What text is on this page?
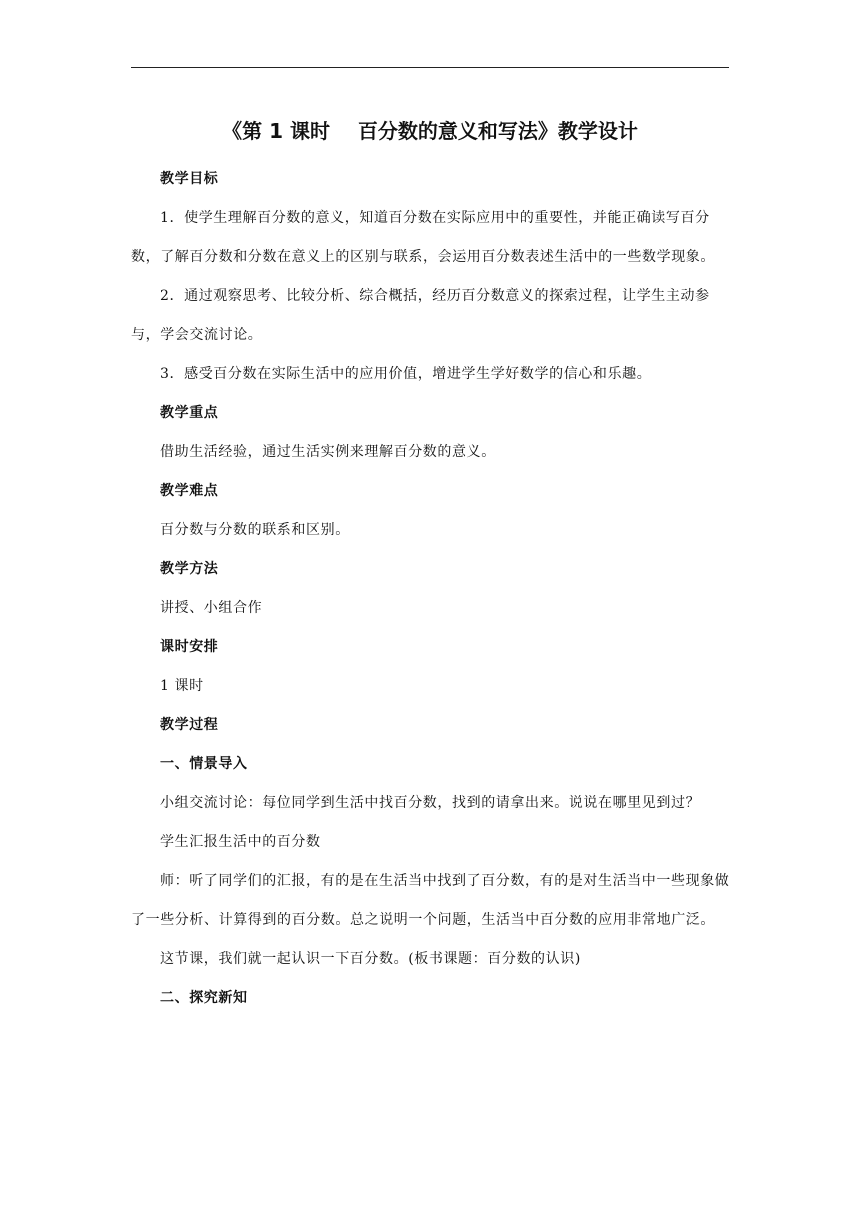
《第 1 课时    百分数的意义和写法》教学设计

教学目标

1．使学生理解百分数的意义，知道百分数在实际应用中的重要性，并能正确读写百分数，了解百分数和分数在意义上的区别与联系，会运用百分数表述生活中的一些数学现象。

2．通过观察思考、比较分析、综合概括，经历百分数意义的探索过程，让学生主动参与，学会交流讨论。

3．感受百分数在实际生活中的应用价值，增进学生学好数学的信心和乐趣。

教学重点

借助生活经验，通过生活实例来理解百分数的意义。

教学难点

百分数与分数的联系和区别。

教学方法

讲授、小组合作

课时安排

1 课时

教学过程

一、情景导入

小组交流讨论：每位同学到生活中找百分数，找到的请拿出来。说说在哪里见到过？

学生汇报生活中的百分数

师：听了同学们的汇报，有的是在生活当中找到了百分数，有的是对生活当中一些现象做了一些分析、计算得到的百分数。总之说明一个问题，生活当中百分数的应用非常地广泛。

这节课，我们就一起认识一下百分数。(板书课题：百分数的认识)

二、探究新知
